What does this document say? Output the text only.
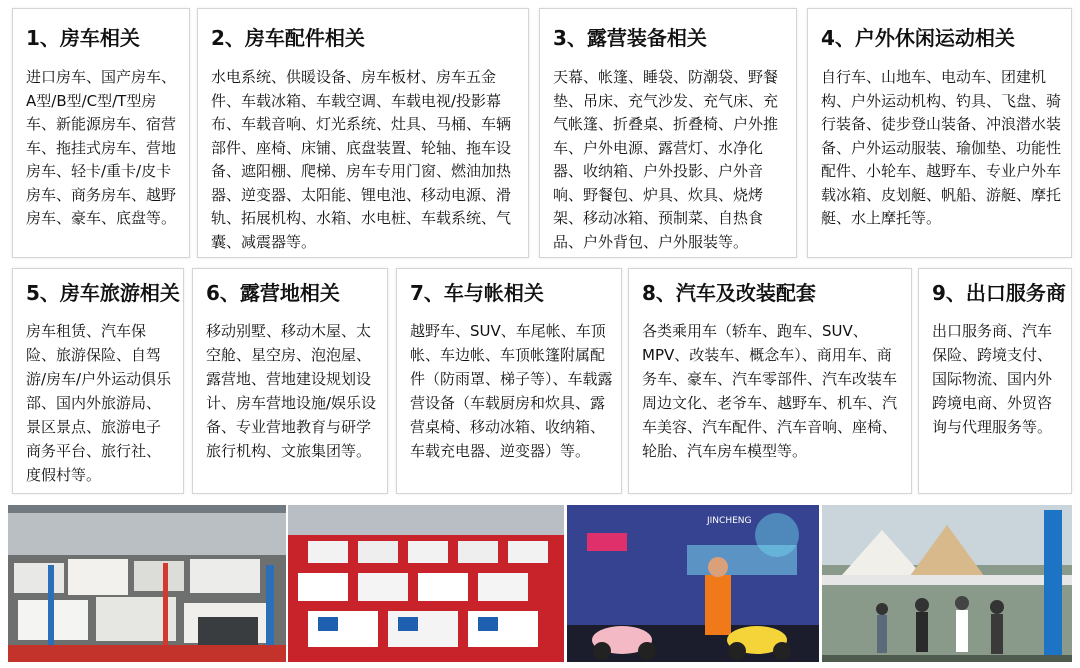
1、房车相关

进口房车、国产房车、A型/B型/C型/T型房车、新能源房车、宿营车、拖挂式房车、营地房车、轻卡/重卡/皮卡房车、商务房车、越野房车、豪车、底盘等。

2、房车配件相关

水电系统、供暖设备、房车板材、房车五金件、车载冰箱、车载空调、车载电视/投影幕布、车载音响、灯光系统、灶具、马桶、车辆部件、座椅、床铺、底盘装置、轮轴、拖车设备、遮阳棚、爬梯、房车专用门窗、燃油加热器、逆变器、太阳能、锂电池、移动电源、滑轨、拓展机构、水箱、水电桩、车载系统、气囊、减震器等。

3、露营装备相关

天幕、帐篷、睡袋、防潮袋、野餐垫、吊床、充气沙发、充气床、充气帐篷、折叠桌、折叠椅、户外推车、户外电源、露营灯、水净化器、收纳箱、户外投影、户外音响、野餐包、炉具、炊具、烧烤架、移动冰箱、预制菜、自热食品、户外背包、户外服装等。

4、户外休闲运动相关

自行车、山地车、电动车、团建机构、户外运动机构、钓具、飞盘、骑行装备、徒步登山装备、冲浪潜水装备、户外运动服装、瑜伽垫、功能性配件、小轮车、越野车、专业户外车载冰箱、皮划艇、帆船、游艇、摩托艇、水上摩托等。

5、房车旅游相关

房车租赁、汽车保险、旅游保险、自驾游/房车/户外运动俱乐部、国内外旅游局、景区景点、旅游电子商务平台、旅行社、度假村等。

6、露营地相关

移动别墅、移动木屋、太空舱、星空房、泡泡屋、露营地、营地建设规划设计、房车营地设施/娱乐设备、专业营地教育与研学旅行机构、文旅集团等。

7、车与帐相关

越野车、SUV、车尾帐、车顶帐、车边帐、车顶帐篷附属配件（防雨罩、梯子等）、车载露营设备（车载厨房和炊具、露营桌椅、移动冰箱、收纳箱、车载充电器、逆变器）等。

8、汽车及改装配套

各类乘用车（轿车、跑车、SUV、MPV、改装车、概念车）、商用车、商务车、豪车、汽车零部件、汽车改装车周边文化、老爷车、越野车、机车、汽车美容、汽车配件、汽车音响、座椅、轮胎、汽车房车模型等。

9、出口服务商

出口服务商、汽车保险、跨境支付、国际物流、国内外跨境电商、外贸咨询与代理服务等。

JINCHENG
